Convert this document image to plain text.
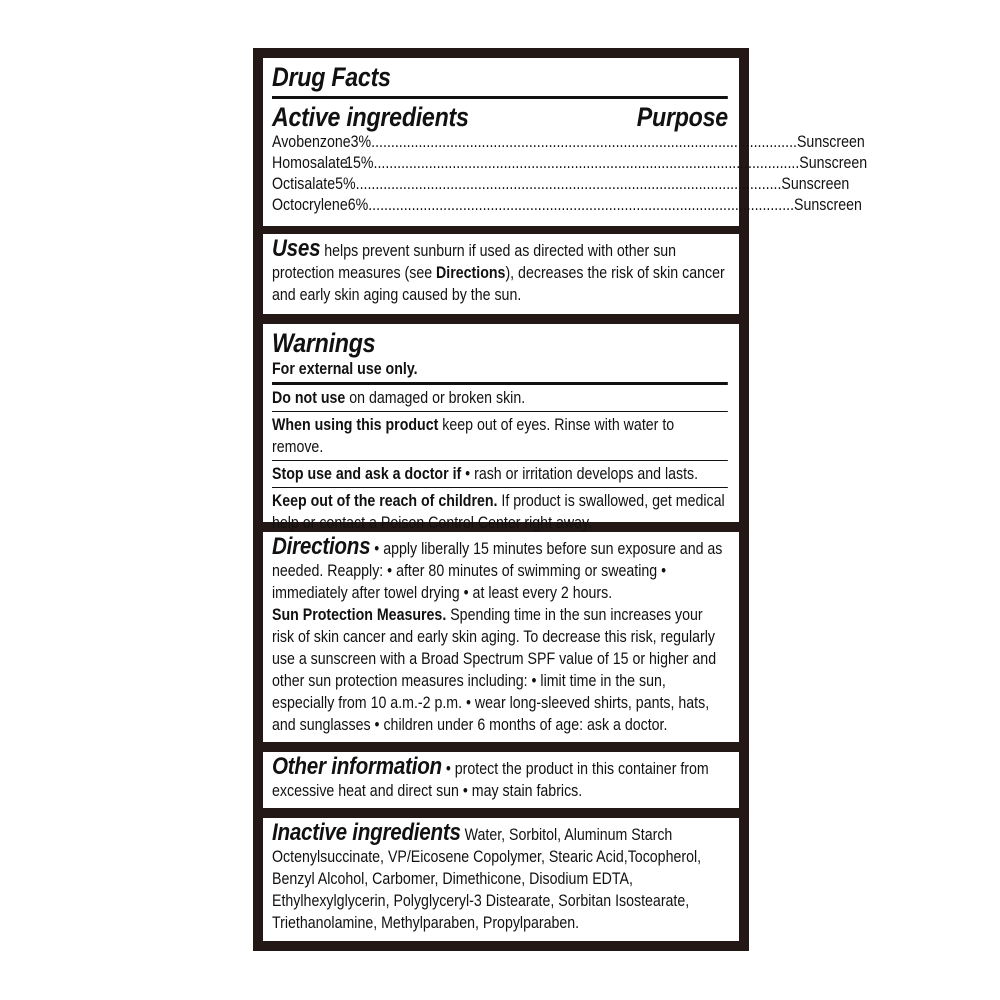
Drug Facts
Active ingredients	Purpose
Avobenzone 3% ............................................................................................................ Sunscreen
Homosalate
15% ............................................................................................................ Sunscreen
Octisalate 5% ............................................................................................................ Sunscreen
Octocrylene 6% ............................................................................................................ Sunscreen
Uses helps prevent sunburn if used as directed with other sun protection measures (see Directions), decreases the risk of skin cancer and early skin aging caused by the sun.
Warnings
For external use only.
Do not use on damaged or broken skin.
When using this product keep out of eyes. Rinse with water to remove.
Stop use and ask a doctor if • rash or irritation develops and lasts.
Keep out of the reach of children. If product is swallowed, get medical help or contact a Poison Control Center right away.
Directions • apply liberally 15 minutes before sun exposure and as needed. Reapply: • after 80 minutes of swimming or sweating • immediately after towel drying • at least every 2 hours.
Sun Protection Measures. Spending time in the sun increases your risk of skin cancer and early skin aging. To decrease this risk, regularly use a sunscreen with a Broad Spectrum SPF value of 15 or higher and other sun protection measures including: • limit time in the sun, especially from 10 a.m.-2 p.m. • wear long-sleeved shirts, pants, hats, and sunglasses • children under 6 months of age: ask a doctor.
Other information • protect the product in this container from excessive heat and direct sun • may stain fabrics.
Inactive ingredients Water, Sorbitol, Aluminum Starch Octenylsuccinate, VP/Eicosene Copolymer, Stearic Acid,Tocopherol, Benzyl Alcohol, Carbomer, Dimethicone, Disodium EDTA, Ethylhexylglycerin, Polyglyceryl-3 Distearate, Sorbitan Isostearate, Triethanolamine, Methylparaben, Propylparaben.
